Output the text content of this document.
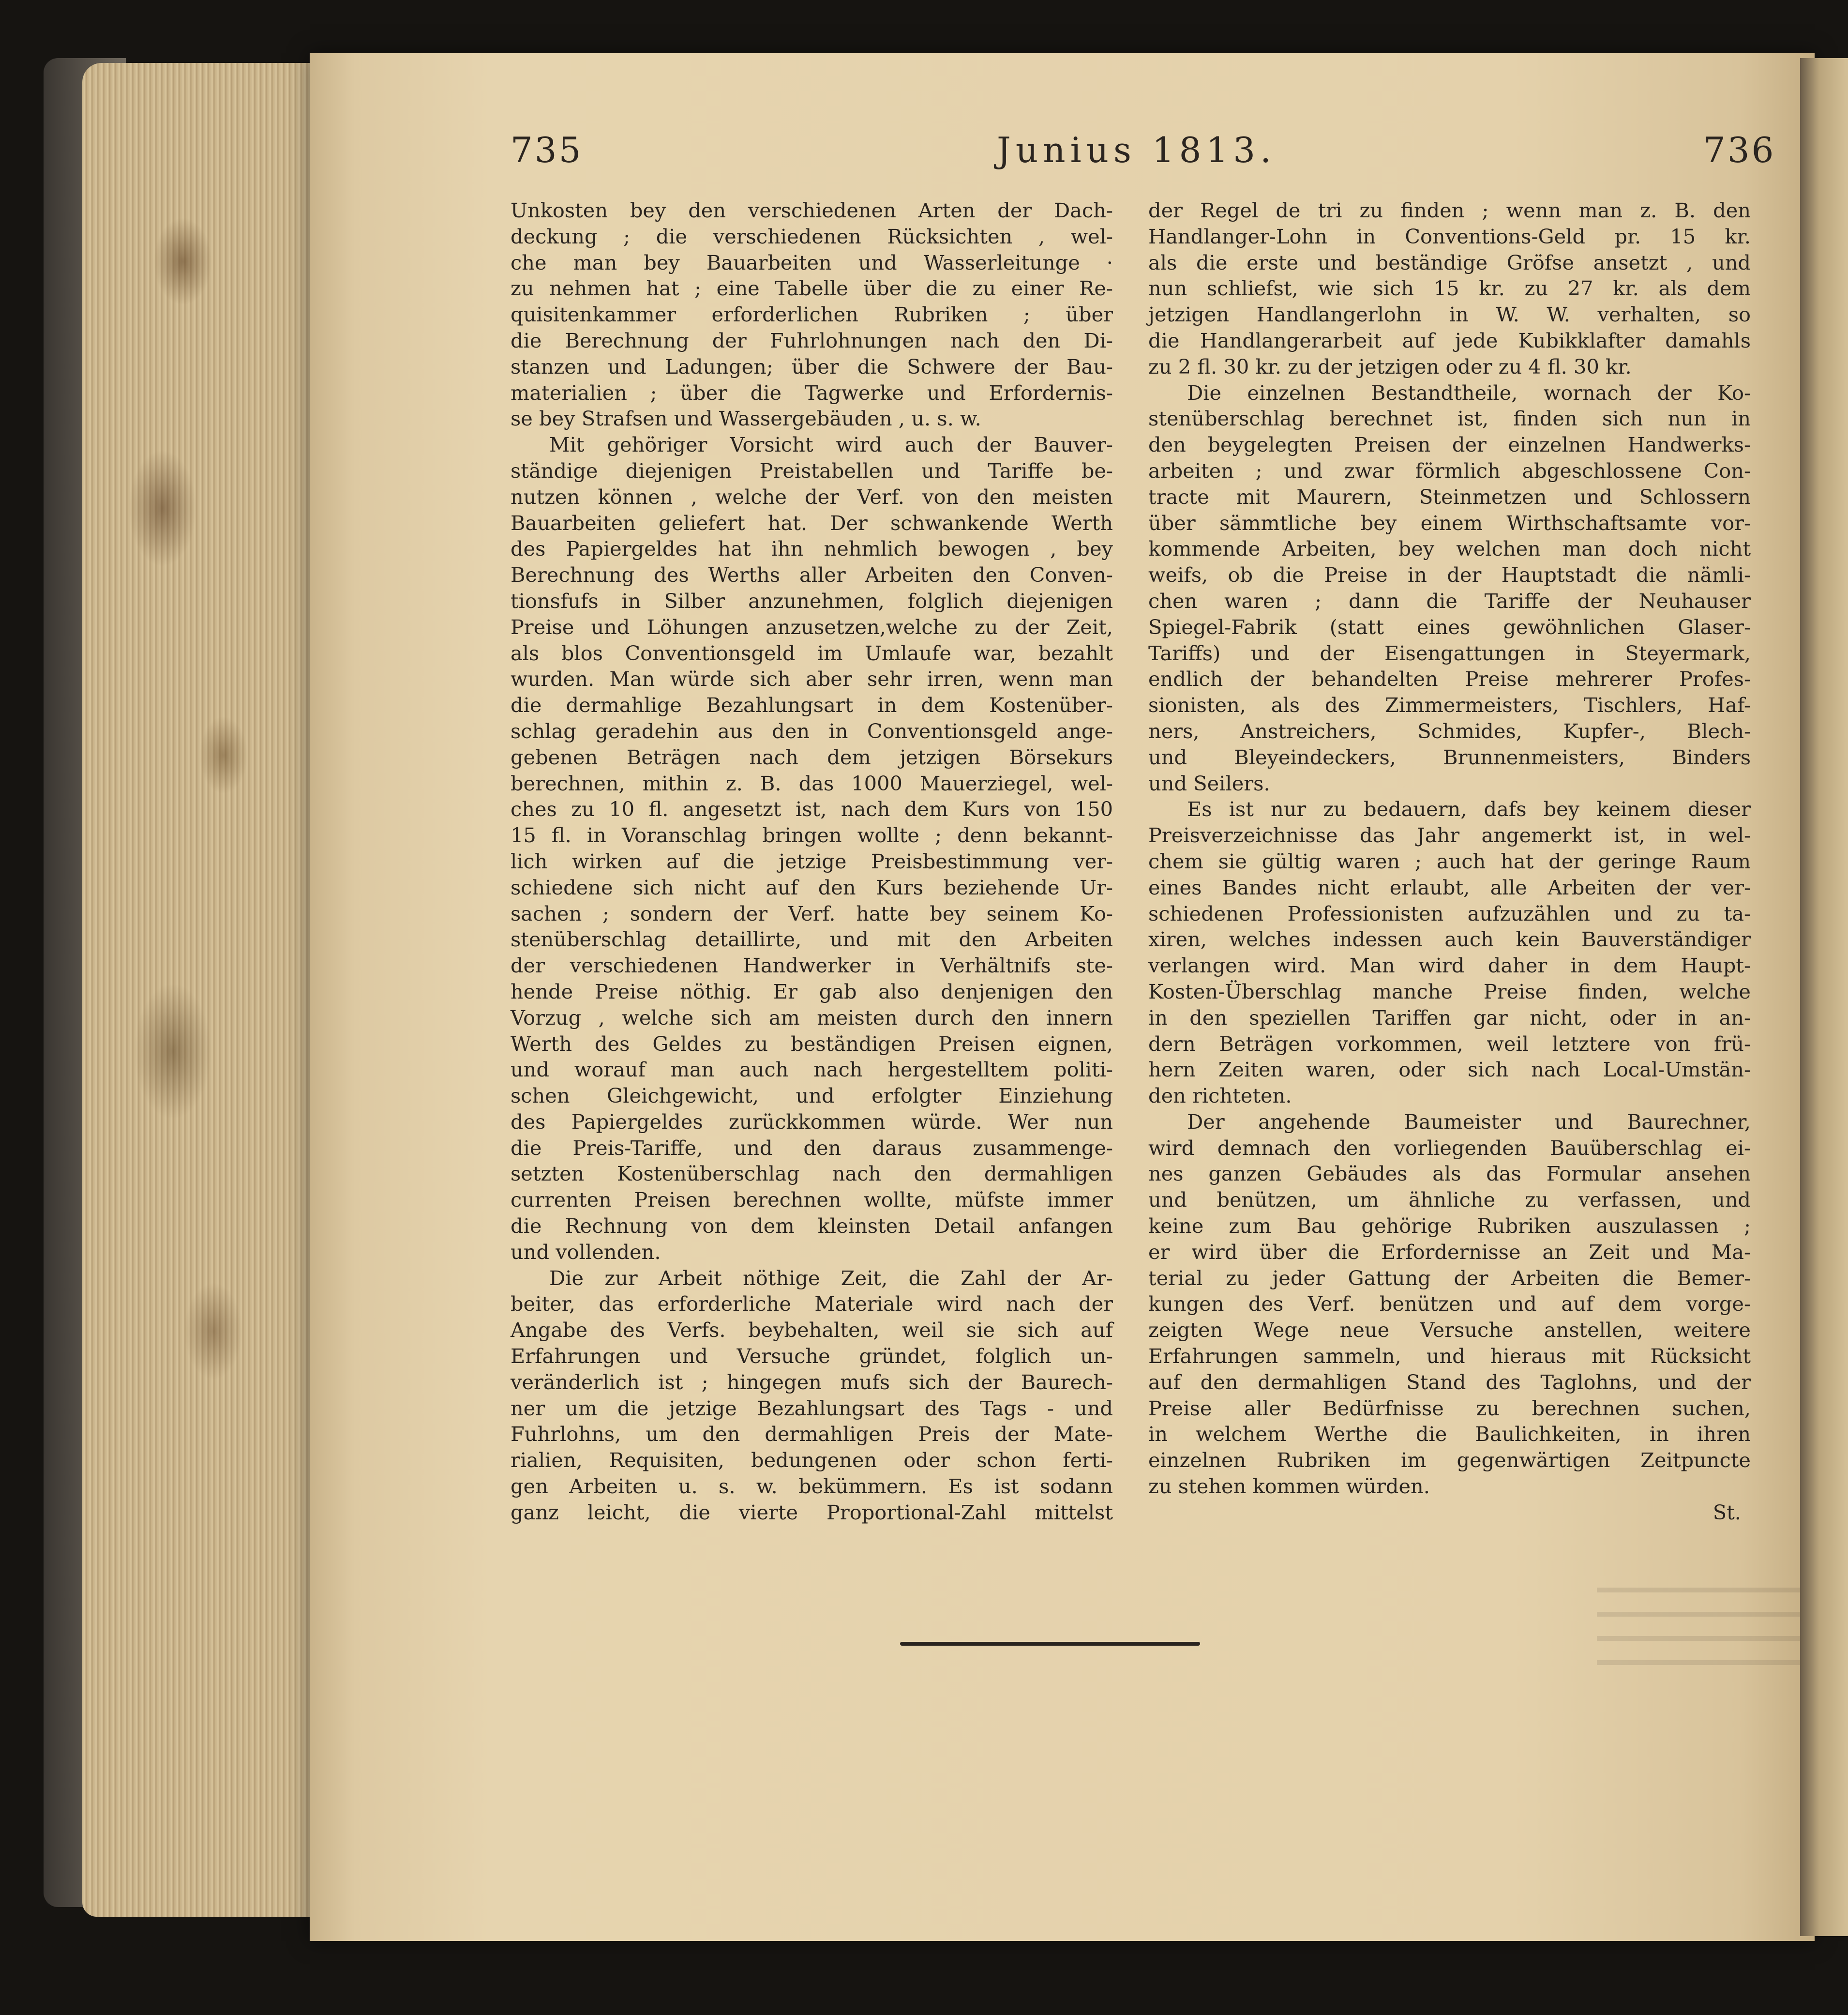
735	Junius 1813.	736
Unkosten bey den verschiedenen Arten der Dach-
deckung ; die verschiedenen Rücksichten , wel-
che man bey Bauarbeiten und Wasserleitunge ·
zu nehmen hat ; eine Tabelle über die zu einer Re-
quisitenkammer erforderlichen Rubriken ; über
die Berechnung der Fuhrlohnungen nach den Di-
stanzen und Ladungen; über die Schwere der Bau-
materialien ; über die Tagwerke und Erfordernis-
se bey Strafsen und Wassergebäuden , u. s. w.
Mit gehöriger Vorsicht wird auch der Bauver-
ständige diejenigen Preistabellen und Tariffe be-
nutzen können , welche der Verf. von den meisten
Bauarbeiten geliefert hat. Der schwankende Werth
des Papiergeldes hat ihn nehmlich bewogen , bey
Berechnung des Werths aller Arbeiten den Conven-
tionsfufs in Silber anzunehmen, folglich diejenigen
Preise und Löhungen anzusetzen,welche zu der Zeit,
als blos Conventionsgeld im Umlaufe war, bezahlt
wurden. Man würde sich aber sehr irren, wenn man
die dermahlige Bezahlungsart in dem Kostenüber-
schlag geradehin aus den in Conventionsgeld ange-
gebenen Beträgen nach dem jetzigen Börsekurs
berechnen, mithin z. B. das 1000 Mauerziegel, wel-
ches zu 10 fl. angesetzt ist, nach dem Kurs von 150
15 fl. in Voranschlag bringen wollte ; denn bekannt-
lich wirken auf die jetzige Preisbestimmung ver-
schiedene sich nicht auf den Kurs beziehende Ur-
sachen ; sondern der Verf. hatte bey seinem Ko-
stenüberschlag detaillirte, und mit den Arbeiten
der verschiedenen Handwerker in Verhältnifs ste-
hende Preise nöthig. Er gab also denjenigen den
Vorzug , welche sich am meisten durch den innern
Werth des Geldes zu beständigen Preisen eignen,
und worauf man auch nach hergestelltem politi-
schen Gleichgewicht, und erfolgter Einziehung
des Papiergeldes zurückkommen würde. Wer nun
die Preis-Tariffe, und den daraus zusammenge-
setzten Kostenüberschlag nach den dermahligen
currenten Preisen berechnen wollte, müfste immer
die Rechnung von dem kleinsten Detail anfangen
und vollenden.
Die zur Arbeit nöthige Zeit, die Zahl der Ar-
beiter, das erforderliche Materiale wird nach der
Angabe des Verfs. beybehalten, weil sie sich auf
Erfahrungen und Versuche gründet, folglich un-
veränderlich ist ; hingegen mufs sich der Baurech-
ner um die jetzige Bezahlungsart des Tags - und
Fuhrlohns, um den dermahligen Preis der Mate-
rialien, Requisiten, bedungenen oder schon ferti-
gen Arbeiten u. s. w. bekümmern. Es ist sodann
ganz leicht, die vierte Proportional-Zahl mittelst
der Regel de tri zu finden ; wenn man z. B. den
Handlanger-Lohn in Conventions-Geld pr. 15 kr.
als die erste und beständige Gröfse ansetzt , und
nun schliefst, wie sich 15 kr. zu 27 kr. als dem
jetzigen Handlangerlohn in W. W. verhalten, so
die Handlangerarbeit auf jede Kubikklafter damahls
zu 2 fl. 30 kr. zu der jetzigen oder zu 4 fl. 30 kr.
Die einzelnen Bestandtheile, wornach der Ko-
stenüberschlag berechnet ist, finden sich nun in
den beygelegten Preisen der einzelnen Handwerks-
arbeiten ; und zwar förmlich abgeschlossene Con-
tracte mit Maurern, Steinmetzen und Schlossern
über sämmtliche bey einem Wirthschaftsamte vor-
kommende Arbeiten, bey welchen man doch nicht
weifs, ob die Preise in der Hauptstadt die nämli-
chen waren ; dann die Tariffe der Neuhauser
Spiegel-Fabrik (statt eines gewöhnlichen Glaser-
Tariffs) und der Eisengattungen in Steyermark,
endlich der behandelten Preise mehrerer Profes-
sionisten, als des Zimmermeisters, Tischlers, Haf-
ners, Anstreichers, Schmides, Kupfer-, Blech-
und Bleyeindeckers, Brunnenmeisters, Binders
und Seilers.
Es ist nur zu bedauern, dafs bey keinem dieser
Preisverzeichnisse das Jahr angemerkt ist, in wel-
chem sie gültig waren ; auch hat der geringe Raum
eines Bandes nicht erlaubt, alle Arbeiten der ver-
schiedenen Professionisten aufzuzählen und zu ta-
xiren, welches indessen auch kein Bauverständiger
verlangen wird. Man wird daher in dem Haupt-
Kosten-Überschlag manche Preise finden, welche
in den speziellen Tariffen gar nicht, oder in an-
dern Beträgen vorkommen, weil letztere von frü-
hern Zeiten waren, oder sich nach Local-Umstän-
den richteten.
Der angehende Baumeister und Baurechner,
wird demnach den vorliegenden Bauüberschlag ei-
nes ganzen Gebäudes als das Formular ansehen
und benützen, um ähnliche zu verfassen, und
keine zum Bau gehörige Rubriken auszulassen ;
er wird über die Erfordernisse an Zeit und Ma-
terial zu jeder Gattung der Arbeiten die Bemer-
kungen des Verf. benützen und auf dem vorge-
zeigten Wege neue Versuche anstellen, weitere
Erfahrungen sammeln, und hieraus mit Rücksicht
auf den dermahligen Stand des Taglohns, und der
Preise aller Bedürfnisse zu berechnen suchen,
in welchem Werthe die Baulichkeiten, in ihren
einzelnen Rubriken im gegenwärtigen Zeitpuncte
zu stehen kommen würden.
St.
